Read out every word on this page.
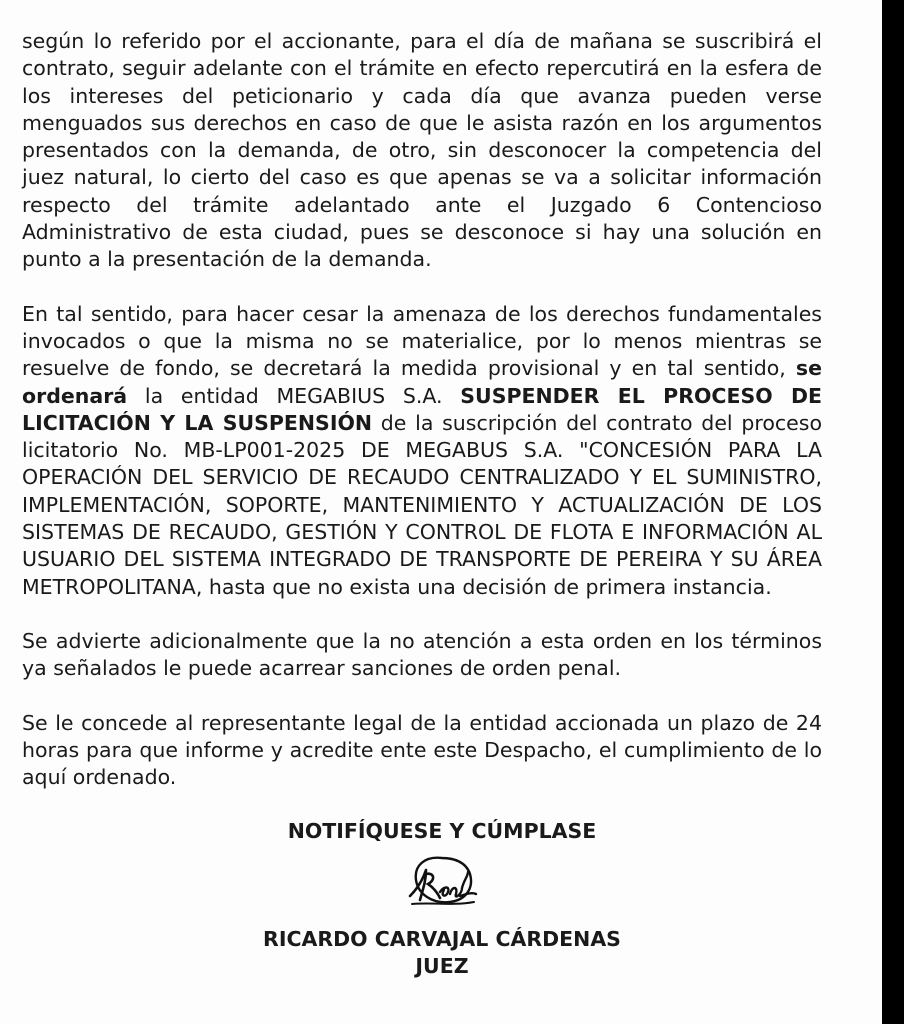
según lo referido por el accionante, para el día de mañana se suscribirá el contrato, seguir adelante con el trámite en efecto repercutirá en la esfera de los intereses del peticionario y cada día que avanza pueden verse menguados sus derechos en caso de que le asista razón en los argumentos presentados con la demanda, de otro, sin desconocer la competencia del juez natural, lo cierto del caso es que apenas se va a solicitar información respecto del trámite adelantado ante el Juzgado 6 Contencioso Administrativo de esta ciudad, pues se desconoce si hay una solución en punto a la presentación de la demanda.

En tal sentido, para hacer cesar la amenaza de los derechos fundamentales invocados o que la misma no se materialice, por lo menos mientras se resuelve de fondo, se decretará la medida provisional y en tal sentido, se ordenará la entidad MEGABIUS S.A. SUSPENDER EL PROCESO DE LICITACIÓN Y LA SUSPENSIÓN de la suscripción del contrato del proceso licitatorio No. MB-LP001-2025 DE MEGABUS S.A. "CONCESIÓN PARA LA OPERACIÓN DEL SERVICIO DE RECAUDO CENTRALIZADO Y EL SUMINISTRO, IMPLEMENTACIÓN, SOPORTE, MANTENIMIENTO Y ACTUALIZACIÓN DE LOS SISTEMAS DE RECAUDO, GESTIÓN Y CONTROL DE FLOTA E INFORMACIÓN AL USUARIO DEL SISTEMA INTEGRADO DE TRANSPORTE DE PEREIRA Y SU ÁREA METROPOLITANA, hasta que no exista una decisión de primera instancia.

Se advierte adicionalmente que la no atención a esta orden en los términos ya señalados le puede acarrear sanciones de orden penal.

Se le concede al representante legal de la entidad accionada un plazo de 24 horas para que informe y acredite ente este Despacho, el cumplimiento de lo aquí ordenado.

NOTIFÍQUESE Y CÚMPLASE

RICARDO CARVAJAL CÁRDENAS

JUEZ
